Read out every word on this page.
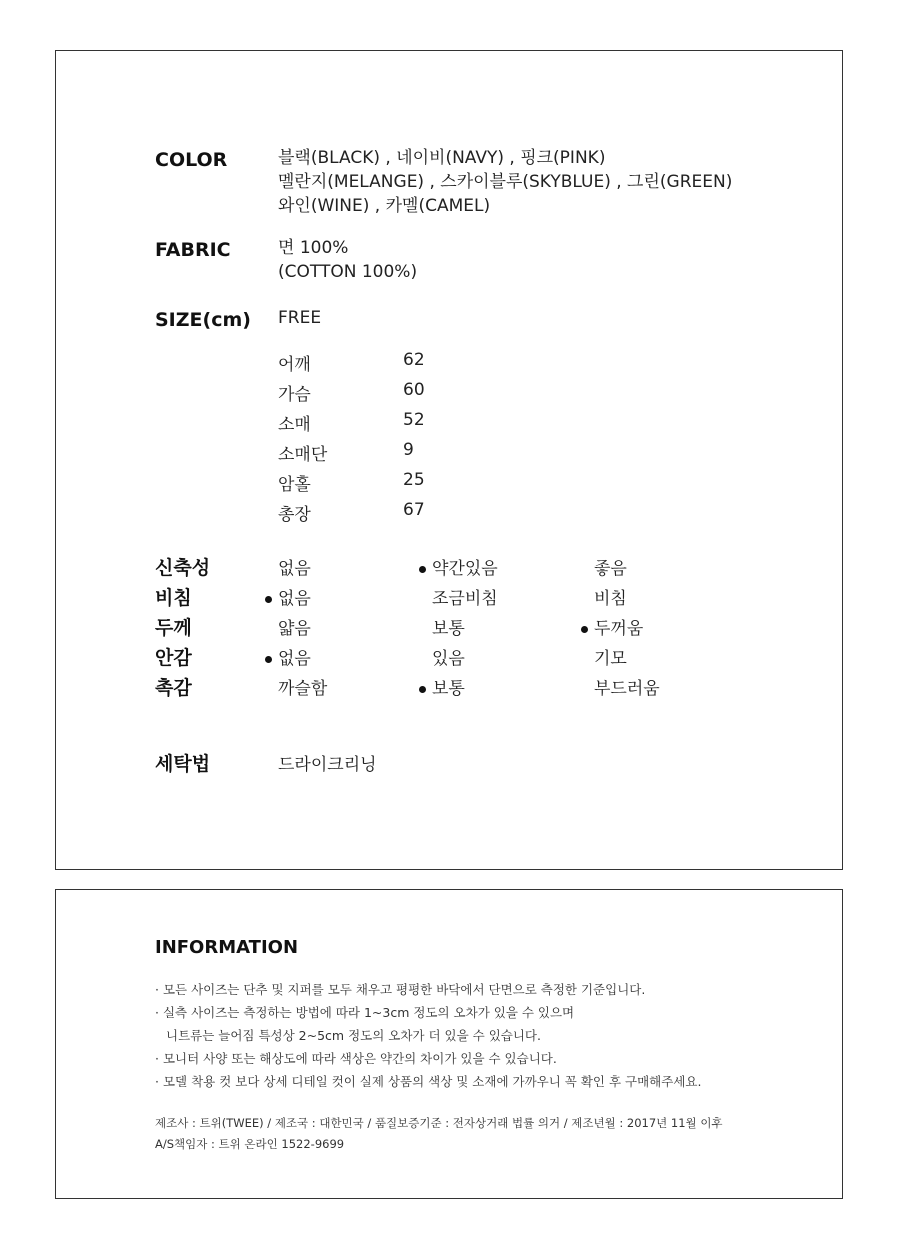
COLOR	블랙(BLACK) , 네이비(NAVY) , 핑크(PINK)
멜란지(MELANGE) , 스카이블루(SKYBLUE) , 그린(GREEN)
와인(WINE) , 카멜(CAMEL)
FABRIC	면 100%
(COTTON 100%)
SIZE(cm) FREE
어깨	62
가슴	60
소매	52
소매단	9
암홀	25
총장	67
신축성	없음	약간있음	좋음
비침	없음	조금비침	비침
두께	얇음	보통	두꺼움
안감	없음	있음	기모
촉감	까슬함	보통	부드러움
세탁법	드라이크리닝
INFORMATION
· 모든 사이즈는 단추 및 지퍼를 모두 채우고 평평한 바닥에서 단면으로 측정한 기준입니다.
· 실측 사이즈는 측정하는 방법에 따라 1~3cm 정도의 오차가 있을 수 있으며
니트류는 늘어짐 특성상 2~5cm 정도의 오차가 더 있을 수 있습니다.
· 모니터 사양 또는 해상도에 따라 색상은 약간의 차이가 있을 수 있습니다.
· 모델 착용 컷 보다 상세 디테일 컷이 실제 상품의 색상 및 소재에 가까우니 꼭 확인 후 구매해주세요.
제조사 : 트위(TWEE) / 제조국 : 대한민국 / 품질보증기준 : 전자상거래 법률 의거 / 제조년월 : 2017년 11월 이후
A/S책임자 : 트위 온라인 1522-9699
